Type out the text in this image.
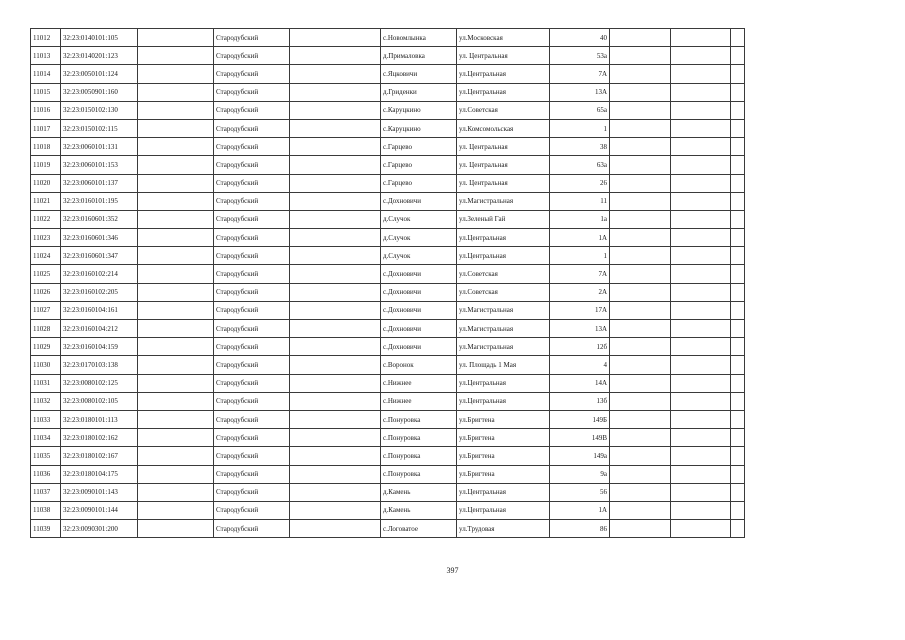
11012	32:23:0140101:105		Стародубский		с.Новомлынка	ул.Московская	40			
11013	32:23:0140201:123		Стародубский		д.Прималовка	ул. Центральная	53а			
11014	32:23:0050101:124		Стародубский		с.Яцковичи	ул.Центральная	7А			
11015	32:23:0050901:160		Стародубский		д.Гриденки	ул.Центральная	13А			
11016	32:23:0150102:130		Стародубский		с.Каруцкино	ул.Советская	65а			
11017	32:23:0150102:115		Стародубский		с.Каруцкино	ул.Комсомольская	1			
11018	32:23:0060101:131		Стародубский		с.Гарцево	ул. Центральная	38			
11019	32:23:0060101:153		Стародубский		с.Гарцево	ул. Центральная	63а			
11020	32:23:0060101:137		Стародубский		с.Гарцево	ул. Центральная	26			
11021	32:23:0160101:195		Стародубский		с.Дохновичи	ул.Магистральная	11			
11022	32:23:0160601:352		Стародубский		д.Случок	ул.Зеленый Гай	1а			
11023	32:23:0160601:346		Стародубский		д.Случок	ул.Центральная	1А			
11024	32:23:0160601:347		Стародубский		д.Случок	ул.Центральная	1			
11025	32:23:0160102:214		Стародубский		с.Дохновичи	ул.Советская	7А			
11026	32:23:0160102:205		Стародубский		с.Дохновичи	ул.Советская	2А			
11027	32:23:0160104:161		Стародубский		с.Дохновичи	ул.Магистральная	17А			
11028	32:23:0160104:212		Стародубский		с.Дохновичи	ул.Магистральная	13А			
11029	32:23:0160104:159		Стародубский		с.Дохновичи	ул.Магистральная	12б			
11030	32:23:0170103:138		Стародубский		с.Воронок	ул. Площадь 1 Мая	4			
11031	32:23:0080102:125		Стародубский		с.Нижнее	ул.Центральная	14А			
11032	32:23:0080102:105		Стародубский		с.Нижнее	ул.Центральная	13б			
11033	32:23:0180101:113		Стародубский		с.Понуровка	ул.Бригтена	149Б			
11034	32:23:0180102:162		Стародубский		с.Понуровка	ул.Бригтена	149В			
11035	32:23:0180102:167		Стародубский		с.Понуровка	ул.Бригтена	149а			
11036	32:23:0180104:175		Стародубский		с.Понуровка	ул.Бригтена	9а			
11037	32:23:0090101:143		Стародубский		д.Камень	ул.Центральная	56			
11038	32:23:0090101:144		Стародубский		д.Камень	ул.Центральная	1А			
11039	32:23:0090301:200		Стародубский		с.Логоватое	ул.Трудовая	86			
397
